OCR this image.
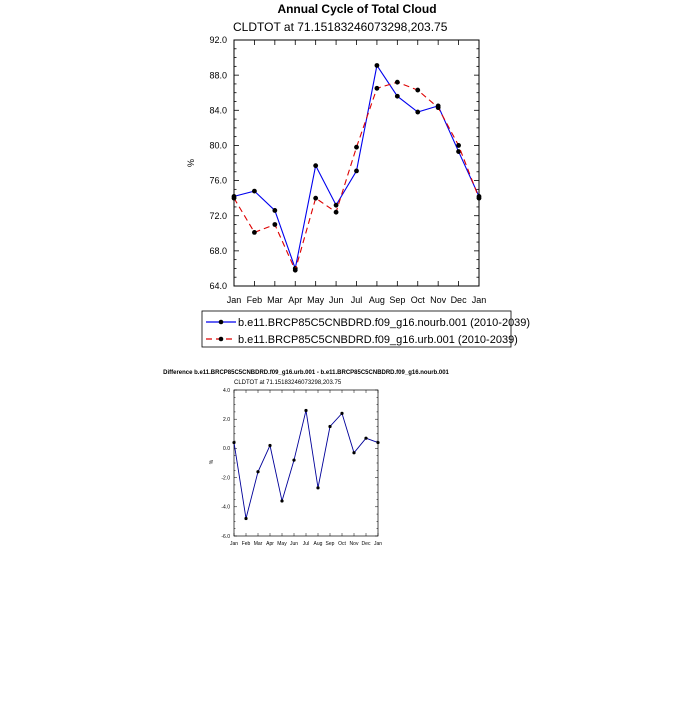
Annual Cycle of Total Cloud
CLDTOT at 71.15183246073298,203.75
%
Jan Feb Mar Apr May Jun Jul Aug Sep Oct Nov Dec Jan
64.0
68.0
72.0
76.0
80.0
84.0
88.0
92.0
b.e11.BRCP85C5CNBDRD.f09_g16.nourb.001 (2010-2039)
b.e11.BRCP85C5CNBDRD.f09_g16.urb.001 (2010-2039)
Difference b.e11.BRCP85C5CNBDRD.f09_g16.urb.001 - b.e11.BRCP85C5CNBDRD.f09_g16.nourb.001
CLDTOT at 71.15183246073298,203.75
%
Jan Feb Mar Apr May Jun Jul Aug Sep Oct Nov Dec Jan
-6.0
-4.0
-2.0
0.0
2.0
4.0
